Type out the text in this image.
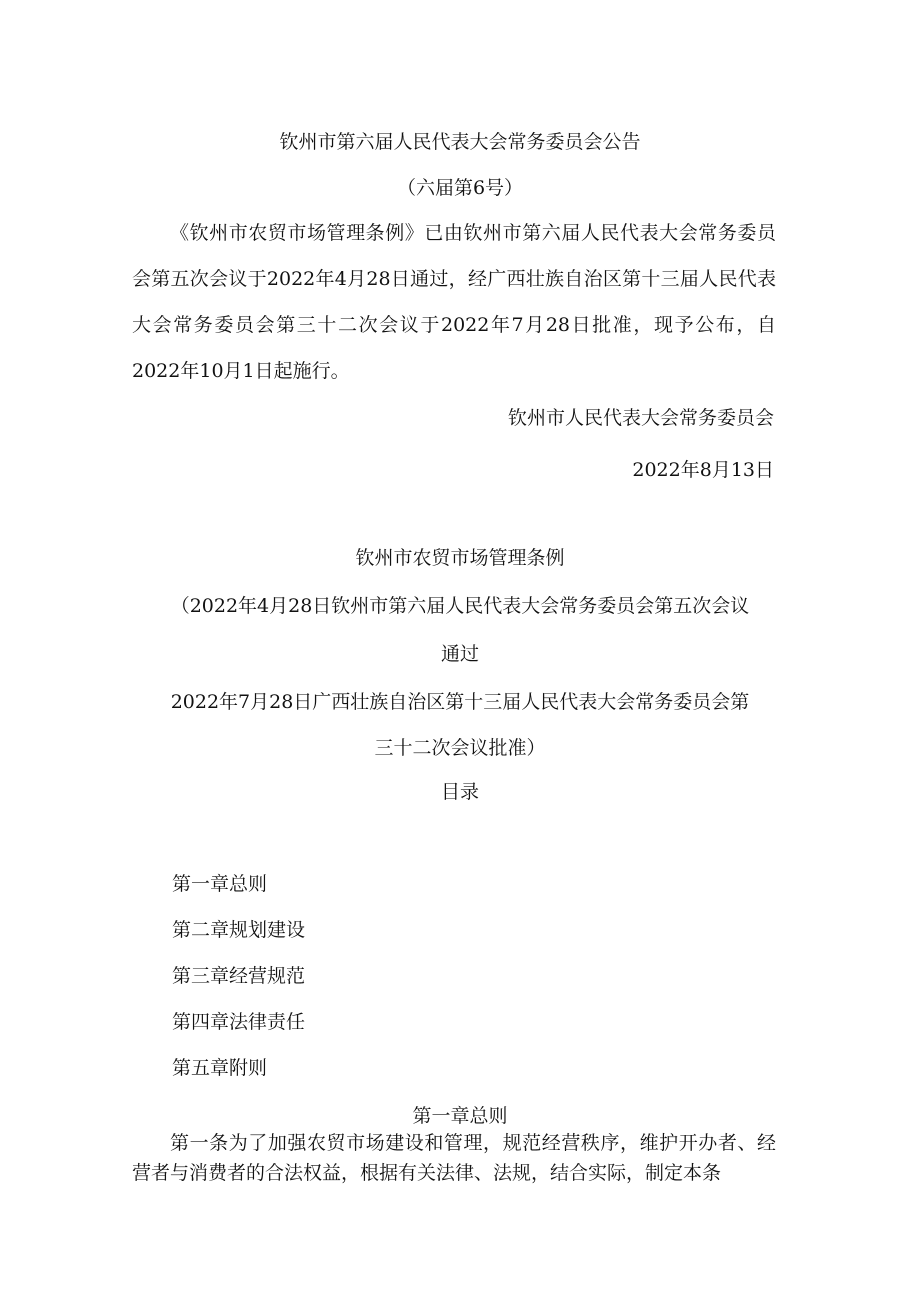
钦州市第六届人民代表大会常务委员会公告

（六届第6号）

《钦州市农贸市场管理条例》已由钦州市第六届人民代表大会常务委员会第五次会议于2022年4月28日通过，经广西壮族自治区第十三届人民代表大会常务委员会第三十二次会议于2022年7月28日批准，现予公布，自2022年10月1日起施行。

钦州市人民代表大会常务委员会

2022年8月13日

钦州市农贸市场管理条例

（2022年4月28日钦州市第六届人民代表大会常务委员会第五次会议

通过

2022年7月28日广西壮族自治区第十三届人民代表大会常务委员会第

三十二次会议批准）

目录

第一章总则

第二章规划建设

第三章经营规范

第四章法律责任

第五章附则

第一章总则

第一条为了加强农贸市场建设和管理，规范经营秩序，维护开办者、经营者与消费者的合法权益，根据有关法律、法规，结合实际，制定本条
